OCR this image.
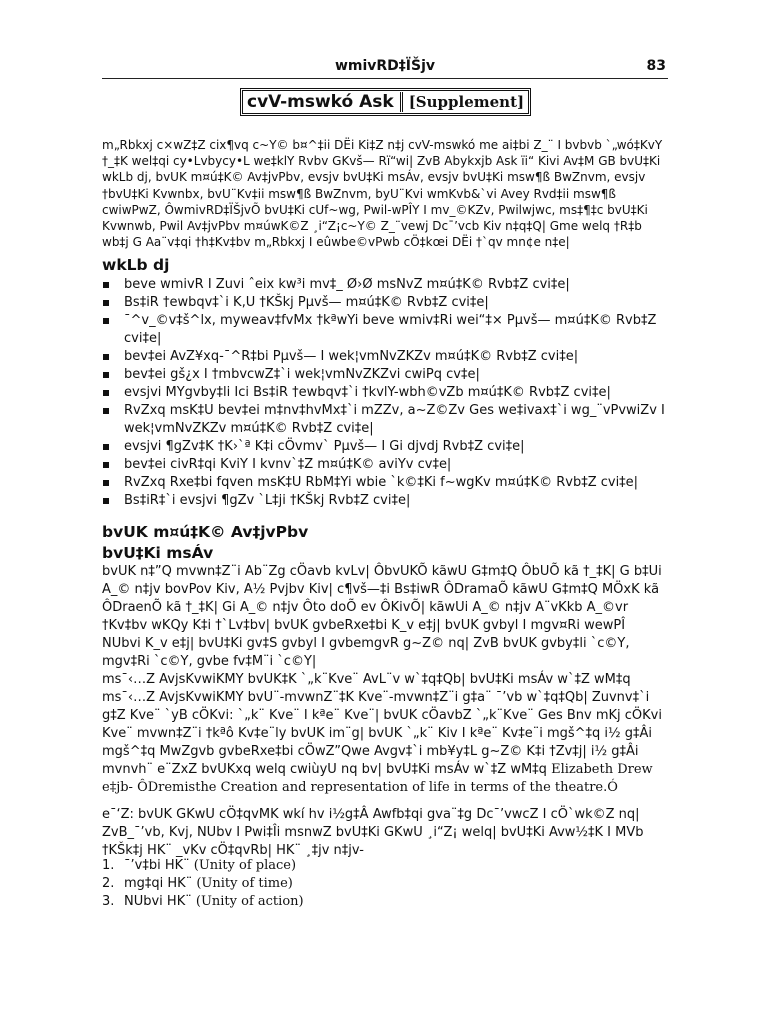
wmivRD‡ÏŠjv	83
cvV-mswkó Ask	[Supplement]
m„Rbkxj c×wZ‡Z cix¶vq c~Y© b¤^‡ii DËi Ki‡Z n‡j cvV-mswkó me ai‡bi Z_¨ I bvbvb `„wó‡KvY †_‡K wel‡qi cy•Lvbycy•L we‡klY Rvbv GKvš— Rï“wi| ZvB Abykxjb Ask ïi“ Kivi Av‡M GB bvU‡Ki wkLb dj, bvUK m¤ú‡K© Av‡jvPbv, evsjv bvU‡Ki msÁv, evsjv bvU‡Ki msw¶ß BwZnvm, evsjv †bvU‡Ki Kvwnbx, bvU¨Kv‡ii msw¶ß BwZnvm, byU¨Kvi wmKvb&`vi Avey Rvd‡ii msw¶ß cwiwPwZ, ÔwmivRD‡ÏŠjvÕ bvU‡Ki cUf~wg, Pwil-wPÎY I mv_©KZv, Pwilwjwc, ms‡¶‡c bvU‡Ki Kvwnwb, Pwil Av‡jvPbv m¤úwK©Z ¸i“Z¡c~Y© Z_¨vewj Dc¯’vcb Kiv n‡q‡Q| Gme welq †R‡b wb‡j G Aa¨v‡qi †h‡Kv‡bv m„Rbkxj I eûwbe©vPwb cÖ‡kœi DËi †`qv mn¢e n‡e|
wkLb dj
beve wmivR I Zuvi ˆeix kw³i mv‡_ Ø›Ø msNvZ m¤ú‡K© Rvb‡Z cvi‡e|
Bs‡iR †ewbqv‡`i K‚U †KŠkj Pµvš— m¤ú‡K© Rvb‡Z cvi‡e|
¯^v_©v‡š^lx, myweav‡fvMx †kªwYi beve wmiv‡Ri wei“‡× Pµvš— m¤ú‡K© Rvb‡Z cvi‡e|
bev‡ei AvZ¥xq-¯^R‡bi Pµvš— I wek¦vmNvZKZv m¤ú‡K© Rvb‡Z cvi‡e|
bev‡ei gš¿x I †mbvcwZ‡`i wek¦vmNvZKZvi cwiPq cv‡e|
evsjvi MYgvby‡li Ici Bs‡iR †ewbqv‡`i †kvlY-wbh©vZb m¤ú‡K© Rvb‡Z cvi‡e|
RvZxq msK‡U bev‡ei m‡nv‡hvMx‡`i mZZv, a~Z©Zv Ges we‡ivax‡`i wg_¨vPvwiZv I wek¦vmNvZKZv m¤ú‡K© Rvb‡Z cvi‡e|
evsjvi ¶gZv‡K †K›`ª K‡i cÖvmv` Pµvš— I Gi djvdj Rvb‡Z cvi‡e|
bev‡ei civR‡qi KviY I kvnv`‡Z m¤ú‡K© aviYv cv‡e|
RvZxq Rxe‡bi fqven msK‡U RbM‡Yi wbie `k©‡Ki f~wgKv m¤ú‡K© Rvb‡Z cvi‡e|
Bs‡iR‡`i evsjvi ¶gZv `L‡ji †KŠkj Rvb‡Z cvi‡e|
bvUK m¤ú‡K© Av‡jvPbv
bvU‡Ki msÁv
bvUK n‡”Q mvwn‡Z¨i Ab¨Zg cÖavb kvLv| ÔbvUKÕ kãwU G‡m‡Q ÔbUÕ kã †_‡K| G b‡Ui A_© n‡jv bovPov Kiv, A½ Pvjbv Kiv| c¶vš—‡i Bs‡iwR ÔDramaÕ kãwU G‡m‡Q MÖxK kã ÔDraenÕ kã †_‡K| Gi A_© n‡jv Ôto doÕ ev ÔKivÕ| kãwUi A_© n‡jv A¨vKkb A_©vr †Kv‡bv wKQy K‡i †`Lv‡bv| bvUK gvbeRxe‡bi K_v e‡j| bvUK gvbyl I mgv¤Ri wewPÎ NUbvi K_v e‡j| bvU‡Ki gv‡S gvbyl I gvbemgvR g~Z© nq| ZvB bvUK gvby‡li `c©Y, mgv‡Ri `c©Y, gvbe fv‡M¨i `c©Y|
ms¯‹…Z AvjsKvwiKMY bvUK‡K `„k¨Kve¨ AvL¨v w`‡q‡Qb| bvU‡Ki msÁv w`‡Z wM‡q ms¯‹…Z AvjsKvwiKMY bvU¨-mvwnZ¨‡K Kve¨-mvwn‡Z¨i g‡a¨ ¯’vb w`‡q‡Qb| Zuvnv‡`i g‡Z Kve¨ `yB cÖKvi: `„k¨ Kve¨ I kªe¨ Kve¨| bvUK cÖavbZ `„k¨Kve¨ Ges Bnv mKj cÖKvi Kve¨ mvwn‡Z¨i †kªô Kv‡e¨ly bvUK im¨g| bvUK `„k¨ Kiv I kªe¨ Kv‡e¨i mgš^‡q i½ g‡Âi mgš^‡q MwZgvb gvbeRxe‡bi cÖwZ”Qwe Avgv‡`i mb¥y‡L g~Z© K‡i †Zv‡j| i½ g‡Âi mvnvh¨ e¨ZxZ bvUKxq welq cwiùyU nq bv| bvU‡Ki msÁv w`‡Z wM‡q Elizabeth Drew e‡jb- ÔDremisthe Creation and representation of life in terms of the theatre.Ó
e¯‘Z: bvUK GKwU cÖ‡qvMK wkí hv i½g‡Â Awfb‡qi gva¨‡g Dc¯’vwcZ I cÖ`wk©Z nq| ZvB_¯’vb, Kvj, NUbv I Pwi‡Îi msnwZ bvU‡Ki GKwU ¸i“Z¡ welq| bvU‡Ki Avw½‡K I MVb †KŠk‡j HK¨ _vKv cÖ‡qvRb| HK¨ ¸‡jv n‡jv-
1. ¯’v‡bi HK¨ (Unity of place)
2. mg‡qi HK¨ (Unity of time)
3. NUbvi HK¨ (Unity of action)
